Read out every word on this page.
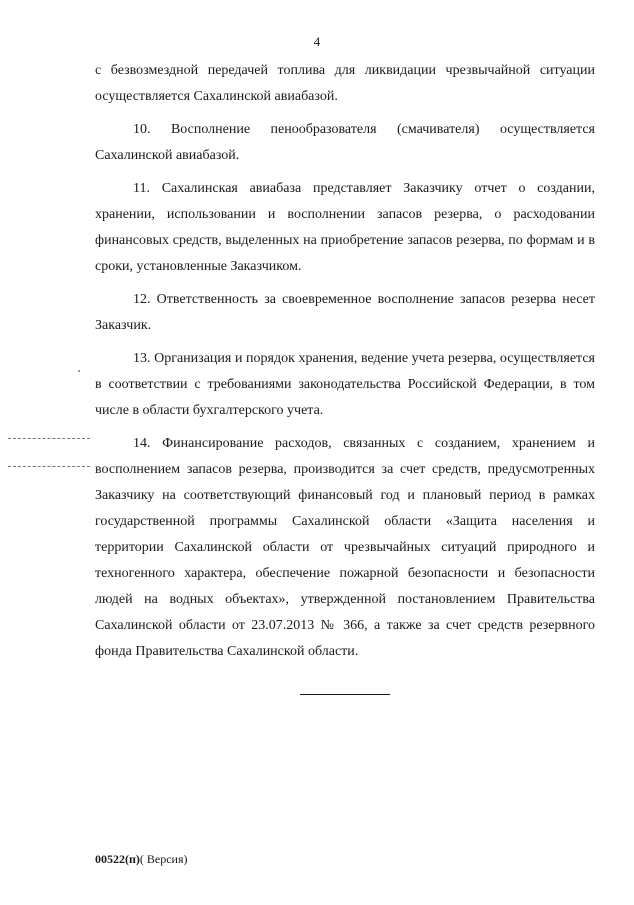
4

с безвозмездной передачей топлива для ликвидации чрезвычайной ситуации осуществляется Сахалинской авиабазой.

10. Восполнение пенообразователя (смачивателя) осуществляется Сахалинской авиабазой.

11. Сахалинская авиабаза представляет Заказчику отчет о создании, хранении, использовании и восполнении запасов резерва, о расходовании финансовых средств, выделенных на приобретение запасов резерва, по формам и в сроки, установленные Заказчиком.

12. Ответственность за своевременное восполнение запасов резерва несет Заказчик.

13. Организация и порядок хранения, ведение учета резерва, осуществляется в соответствии с требованиями законодательства Российской Федерации, в том числе в области бухгалтерского учета.

14. Финансирование расходов, связанных с созданием, хранением и восполнением запасов резерва, производится за счет средств, предусмотренных Заказчику на соответствующий финансовый год и плановый период в рамках государственной программы Сахалинской области «Защита населения и территории Сахалинской области от чрезвычайных ситуаций природного и техногенного характера, обеспечение пожарной безопасности и безопасности людей на водных объектах», утвержденной постановлением Правительства Сахалинской области от 23.07.2013 № 366, а также за счет средств резервного фонда Правительства Сахалинской области.

00522(п)( Версия)
